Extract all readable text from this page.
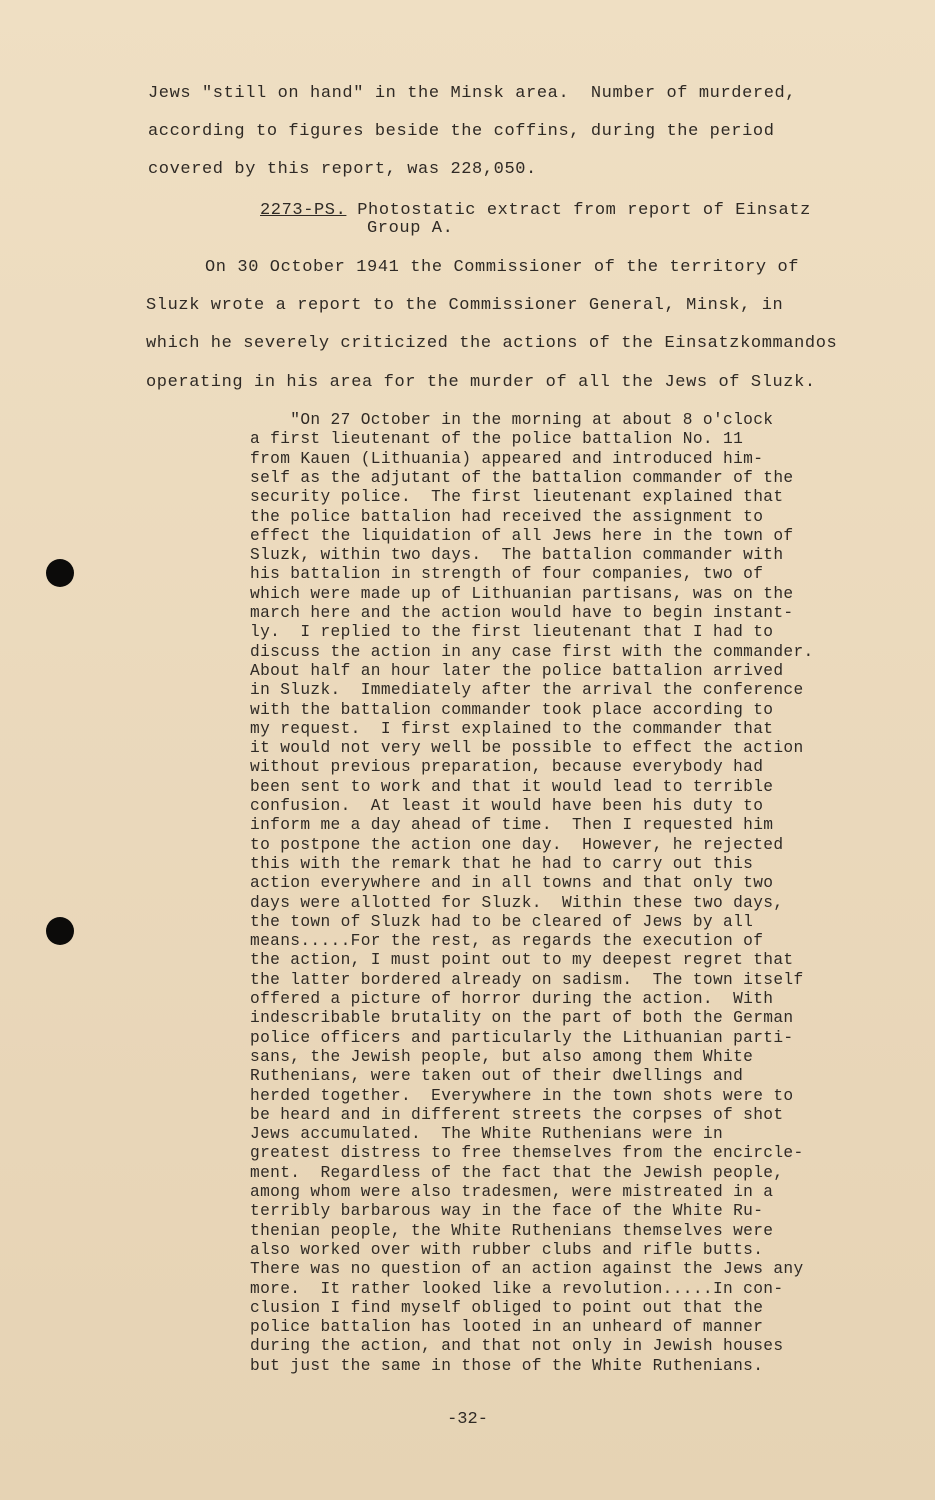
Jews "still on hand" in the Minsk area.  Number of murdered,
according to figures beside the coffins, during the period
covered by this report, was 228,050.
2273-PS. Photostatic extract from report of Einsatz
Group A.
On 30 October 1941 the Commissioner of the territory of
Sluzk wrote a report to the Commissioner General, Minsk, in
which he severely criticized the actions of the Einsatzkommandos
operating in his area for the murder of all the Jews of Sluzk.
"On 27 October in the morning at about 8 o'clock
a first lieutenant of the police battalion No. 11
from Kauen (Lithuania) appeared and introduced him-
self as the adjutant of the battalion commander of the
security police.  The first lieutenant explained that
the police battalion had received the assignment to
effect the liquidation of all Jews here in the town of
Sluzk, within two days.  The battalion commander with
his battalion in strength of four companies, two of
which were made up of Lithuanian partisans, was on the
march here and the action would have to begin instant-
ly.  I replied to the first lieutenant that I had to
discuss the action in any case first with the commander.
About half an hour later the police battalion arrived
in Sluzk.  Immediately after the arrival the conference
with the battalion commander took place according to
my request.  I first explained to the commander that
it would not very well be possible to effect the action
without previous preparation, because everybody had
been sent to work and that it would lead to terrible
confusion.  At least it would have been his duty to
inform me a day ahead of time.  Then I requested him
to postpone the action one day.  However, he rejected
this with the remark that he had to carry out this
action everywhere and in all towns and that only two
days were allotted for Sluzk.  Within these two days,
the town of Sluzk had to be cleared of Jews by all
means.....For the rest, as regards the execution of
the action, I must point out to my deepest regret that
the latter bordered already on sadism.  The town itself
offered a picture of horror during the action.  With
indescribable brutality on the part of both the German
police officers and particularly the Lithuanian parti-
sans, the Jewish people, but also among them White
Ruthenians, were taken out of their dwellings and
herded together.  Everywhere in the town shots were to
be heard and in different streets the corpses of shot
Jews accumulated.  The White Ruthenians were in
greatest distress to free themselves from the encircle-
ment.  Regardless of the fact that the Jewish people,
among whom were also tradesmen, were mistreated in a
terribly barbarous way in the face of the White Ru-
thenian people, the White Ruthenians themselves were
also worked over with rubber clubs and rifle butts.
There was no question of an action against the Jews any
more.  It rather looked like a revolution.....In con-
clusion I find myself obliged to point out that the
police battalion has looted in an unheard of manner
during the action, and that not only in Jewish houses
but just the same in those of the White Ruthenians.
-32-
